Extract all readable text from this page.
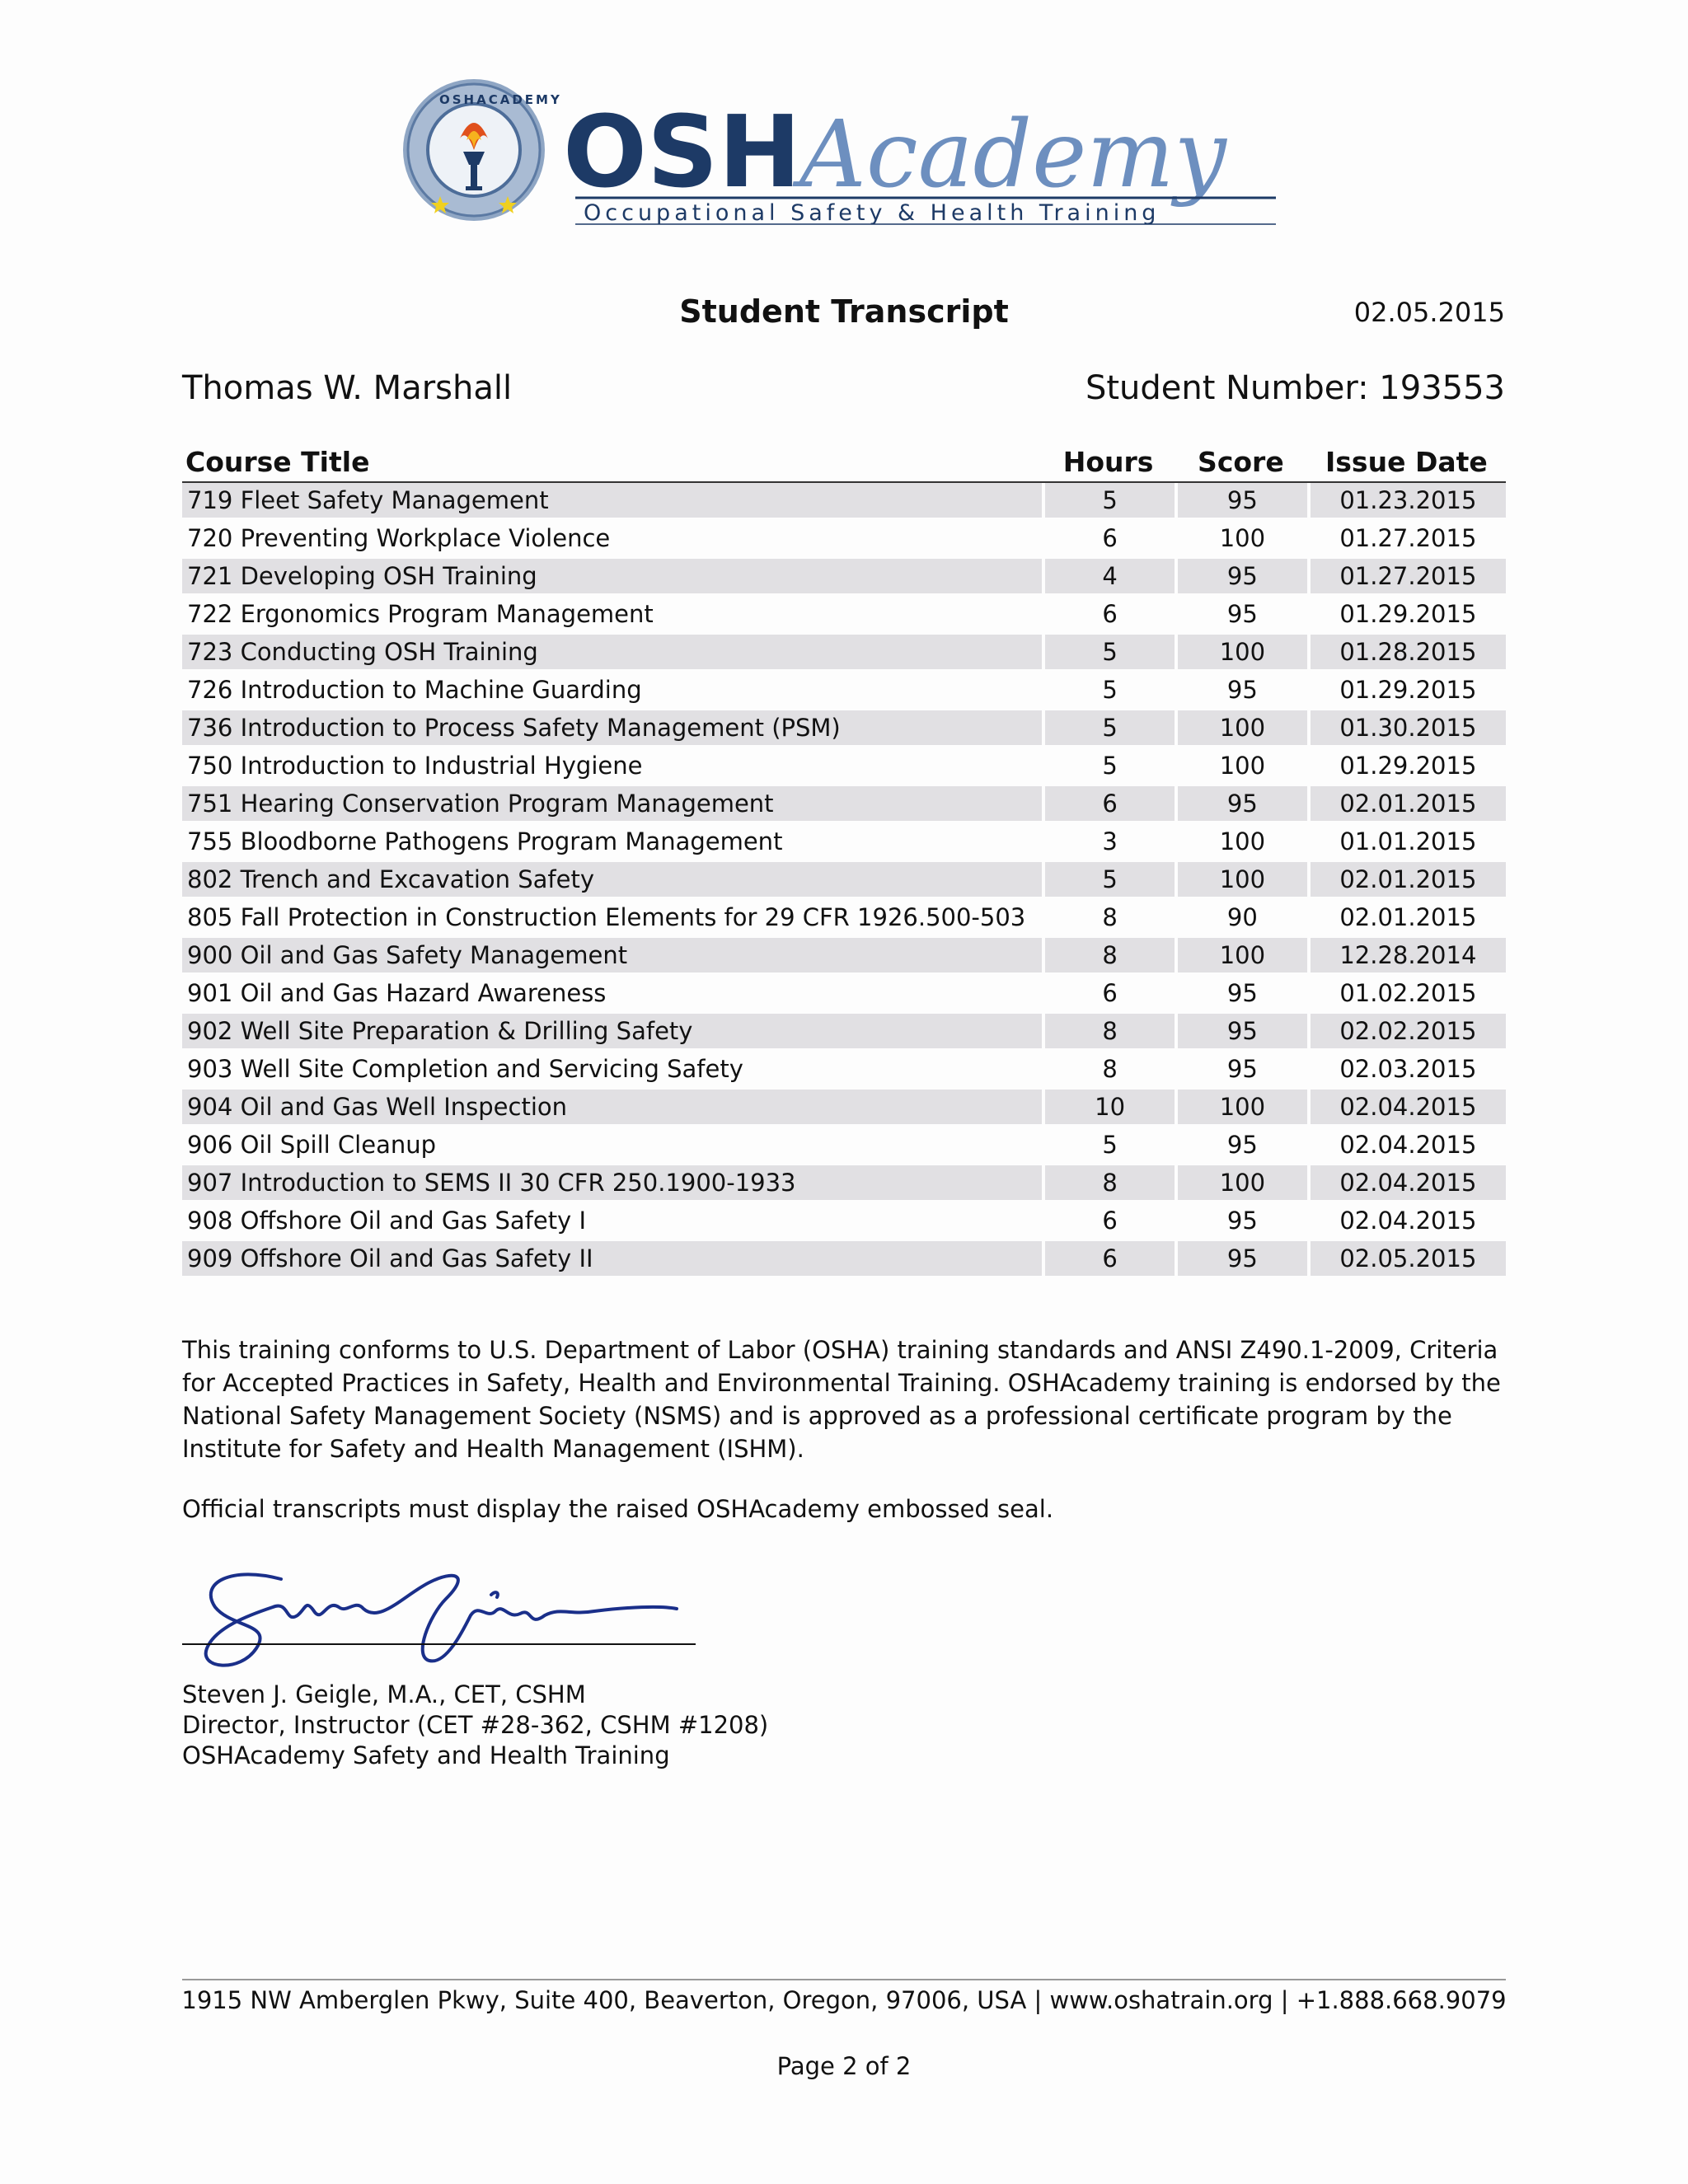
OSHACADEMY OSH
Academy
Occupational Safety & Health Training
Student Transcript	02.05.2015
Thomas W. Marshall	Student Number: 193553
Course Title	Hours	Score	Issue Date
719 Fleet Safety Management	5	95	01.23.2015
720 Preventing Workplace Violence	6	100	01.27.2015
721 Developing OSH Training	4	95	01.27.2015
722 Ergonomics Program Management	6	95	01.29.2015
723 Conducting OSH Training	5	100	01.28.2015
726 Introduction to Machine Guarding	5	95	01.29.2015
736 Introduction to Process Safety Management (PSM)	5	100	01.30.2015
750 Introduction to Industrial Hygiene	5	100	01.29.2015
751 Hearing Conservation Program Management	6	95	02.01.2015
755 Bloodborne Pathogens Program Management	3	100	01.01.2015
802 Trench and Excavation Safety	5	100	02.01.2015
805 Fall Protection in Construction Elements for 29 CFR 1926.500-503	8	90	02.01.2015
900 Oil and Gas Safety Management	8	100	12.28.2014
901 Oil and Gas Hazard Awareness	6	95	01.02.2015
902 Well Site Preparation & Drilling Safety	8	95	02.02.2015
903 Well Site Completion and Servicing Safety	8	95	02.03.2015
904 Oil and Gas Well Inspection	10	100	02.04.2015
906 Oil Spill Cleanup	5	95	02.04.2015
907 Introduction to SEMS II 30 CFR 250.1900-1933	8	100	02.04.2015
908 Offshore Oil and Gas Safety I	6	95	02.04.2015
909 Offshore Oil and Gas Safety II	6	95	02.05.2015
This training conforms to U.S. Department of Labor (OSHA) training standards and ANSI Z490.1-2009, Criteria for Accepted Practices in Safety, Health and Environmental Training. OSHAcademy training is endorsed by the National Safety Management Society (NSMS) and is approved as a professional certificate program by the Institute for Safety and Health Management (ISHM).
Official transcripts must display the raised OSHAcademy embossed seal.
Steven J. Geigle, M.A., CET, CSHM
Director, Instructor (CET #28-362, CSHM #1208)
OSHAcademy Safety and Health Training
1915 NW Amberglen Pkwy, Suite 400, Beaverton, Oregon, 97006, USA | www.oshatrain.org | +1.888.668.9079
Page 2 of 2
